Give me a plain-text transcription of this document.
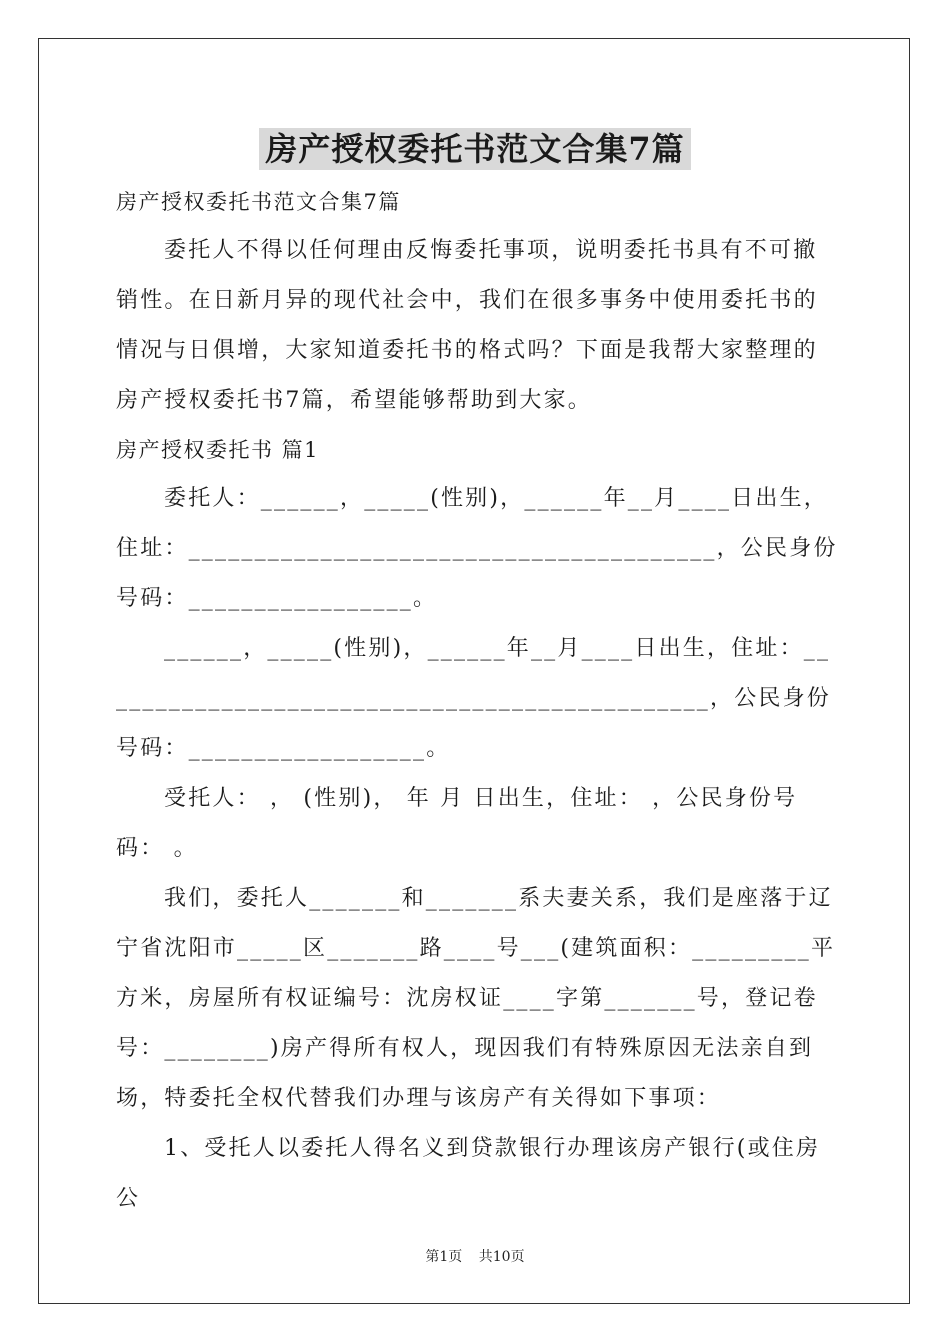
房产授权委托书范文合集7篇

房产授权委托书范文合集7篇

委托人不得以任何理由反悔委托事项，说明委托书具有不可撤销性。在日新月异的现代社会中，我们在很多事务中使用委托书的情况与日俱增，大家知道委托书的格式吗？下面是我帮大家整理的房产授权委托书7篇，希望能够帮助到大家。

房产授权委托书 篇1

委托人：______，_____(性别)，______年__月____日出生，住址：________________________________________，公民身份号码：_________________。

______，_____(性别)，______年__月____日出生，住址：_______________________________________________，公民身份号码：__________________。

受托人： ， (性别)， 年 月 日出生，住址： ，公民身份号码： 。

我们，委托人_______和_______系夫妻关系，我们是座落于辽宁省沈阳市_____区_______路____号___(建筑面积：_________平方米，房屋所有权证编号：沈房权证____字第_______号，登记卷号：________)房产得所有权人，现因我们有特殊原因无法亲自到场，特委托全权代替我们办理与该房产有关得如下事项：

1、受托人以委托人得名义到贷款银行办理该房产银行(或住房公

第1页 共10页
